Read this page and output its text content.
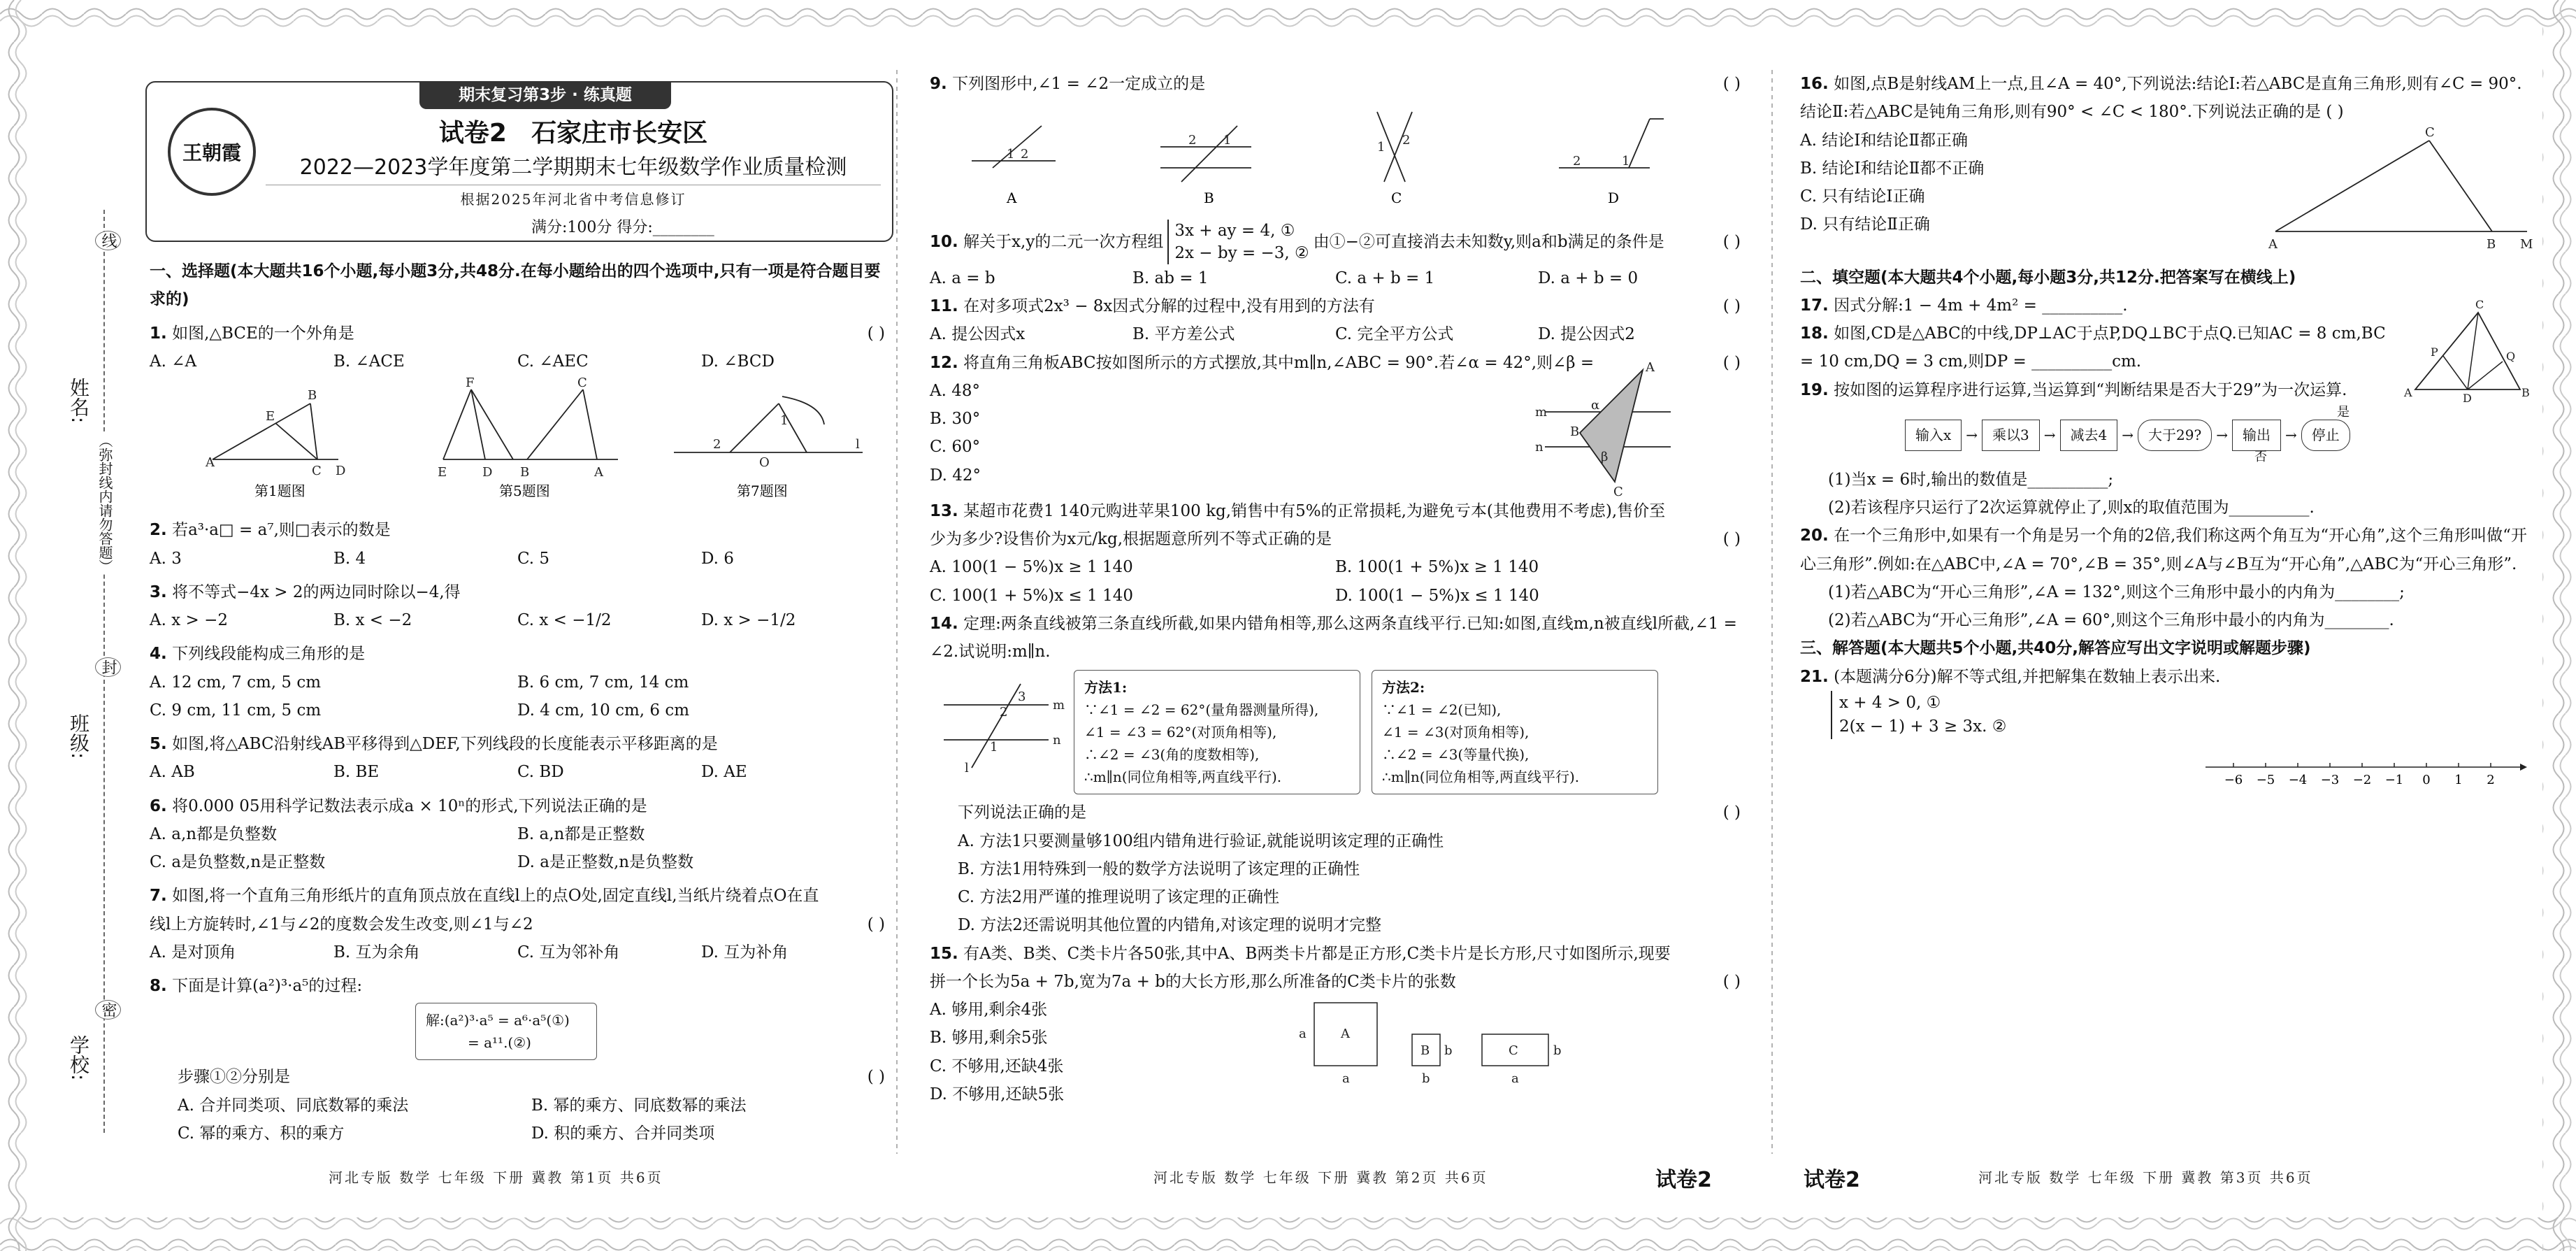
姓名:
班级:
学校:
（弥封线内请勿答题）
线
封
密
期末复习第3步 · 练真题
王朝霞
试卷2 石家庄市长安区
2022—2023学年度第二学期期末七年级数学作业质量检测
根据2025年河北省中考信息修订
满分:100分 得分:________

一、选择题(本大题共16个小题,每小题3分,共48分.在每小题给出的四个选项中,只有一项是符合题目要求的)

1. 如图,△BCE的一个外角是	( )
A. ∠A	B. ∠ACE	C. ∠AEC	D. ∠BCD
A
B
E
C D
F	C
E	D B	A
2
1
O
l
第1题图	第5题图	第7题图
2. 若a³·a□ = a⁷,则□表示的数是
A. 3	B. 4	C. 5	D. 6
3. 将不等式−4x > 2的两边同时除以−4,得
A. x > −2	B. x < −2	C. x < −1/2	D. x > −1/2
4. 下列线段能构成三角形的是
A. 12 cm, 7 cm, 5 cm	B. 6 cm, 7 cm, 14 cm
C. 9 cm, 11 cm, 5 cm	D. 4 cm, 10 cm, 6 cm
5. 如图,将△ABC沿射线AB平移得到△DEF,下列线段的长度能表示平移距离的是
A. AB	B. BE	C. BD	D. AE
6. 将0.000 05用科学记数法表示成a × 10ⁿ的形式,下列说法正确的是
A. a,n都是负整数	B. a,n都是正整数
C. a是负整数,n是正整数	D. a是正整数,n是负整数
7. 如图,将一个直角三角形纸片的直角顶点放在直线l上的点O处,固定直线l,当纸片绕着点O在直线l上方旋转时,∠1与∠2的度数会发生改变,则∠1与∠2	( )
A. 是对顶角	B. 互为余角	C. 互为邻补角	D. 互为补角
8. 下面是计算(a²)³·a⁵的过程:
解:(a²)³·a⁵ = a⁶·a⁵(①)
= a¹¹.(②)
步骤①②分别是	( )
A. 合并同类项、同底数幂的乘法	B. 幂的乘方、同底数幂的乘法
C. 幂的乘方、积的乘方	D. 积的乘方、合并同类项
河北专版 数学 七年级 下册 冀教 第1页 共6页
9. 下列图形中,∠1 = ∠2一定成立的是	( )
1 2
2 1	1 2
2	1
A	B	C	D
10.
解关于x,y的二元一次方程组
3x + ay = 4, ①
2x − by = −3, ②
由①−②可直接消去未知数y,则a和b满足的条件是	( )
A. a = b	B. ab = 1	C. a + b = 1	D. a + b = 0
11. 在对多项式2x³ − 8x因式分解的过程中,没有用到的方法有	( )
A. 提公因式x	B. 平方差公式	C. 完全平方公式	D. 提公因式2
12. 将直角三角板ABC按如图所示的方式摆放,其中m∥n,∠ABC = 90°.若∠α = 42°,则∠β =	( )
A. 48°
B. 30°
C. 60°
D. 42°
A
B
C
m
n
α
β
13. 某超市花费1 140元购进苹果100 kg,销售中有5%的正常损耗,为避免亏本(其他费用不考虑),售价至少为多少?设售价为x元/kg,根据题意所列不等式正确的是	( )
A. 100(1 − 5%)x ≥ 1 140	B. 100(1 + 5%)x ≥ 1 140
C. 100(1 + 5%)x ≤ 1 140	D. 100(1 − 5%)x ≤ 1 140
14. 定理:两条直线被第三条直线所截,如果内错角相等,那么这两条直线平行.已知:如图,直线m,n被直线l所截,∠1 = ∠2.试说明:m∥n.
3
2
1
m
n
l
方法1:
∵∠1 = ∠2 = 62°(量角器测量所得),
∠1 = ∠3 = 62°(对顶角相等),
∴∠2 = ∠3(角的度数相等),
∴m∥n(同位角相等,两直线平行).
方法2:
∵∠1 = ∠2(已知),
∠1 = ∠3(对顶角相等),
∴∠2 = ∠3(等量代换),
∴m∥n(同位角相等,两直线平行).
下列说法正确的是	( )
A. 方法1只要测量够100组内错角进行验证,就能说明该定理的正确性
B. 方法1用特殊到一般的数学方法说明了该定理的正确性
C. 方法2用严谨的推理说明了该定理的正确性
D. 方法2还需说明其他位置的内错角,对该定理的说明才完整
15. 有A类、B类、C类卡片各50张,其中A、B两类卡片都是正方形,C类卡片是长方形,尺寸如图所示,现要拼一个长为5a + 7b,宽为7a + b的大长方形,那么所准备的C类卡片的张数	( )
A. 够用,剩余4张
B. 够用,剩余5张
C. 不够用,还缺4张
D. 不够用,还缺5张
A
B	C
a
a
b
b
b
a
河北专版 数学 七年级 下册 冀教 第2页 共6页	试卷2
16. 如图,点B是射线AM上一点,且∠A = 40°,下列说法:结论Ⅰ:若△ABC是直角三角形,则有∠C = 90°.结论Ⅱ:若△ABC是钝角三角形,则有90° < ∠C < 180°.下列说法正确的是 ( )
A. 结论Ⅰ和结论Ⅱ都正确
B. 结论Ⅰ和结论Ⅱ都不正确
C. 只有结论Ⅰ正确
D. 只有结论Ⅱ正确
A	B M
C

二、填空题(本大题共4个小题,每小题3分,共12分.把答案写在横线上)

17. 因式分解:1 − 4m + 4m² = __________.
18. 如图,CD是△ABC的中线,DP⊥AC于点P,DQ⊥BC于点Q.已知AC = 8 cm,BC = 10 cm,DQ = 3 cm,则DP = __________cm.
C
A	B
D
P	Q
19. 按如图的运算程序进行运算,当运算到“判断结果是否大于29”为一次运算.
输入x	→	乘以3	→	减去4	→	大于29?	→	输出	→	停止
是
否
(1)当x = 6时,输出的数值是__________;
(2)若该程序只运行了2次运算就停止了,则x的取值范围为__________.
20. 在一个三角形中,如果有一个角是另一个角的2倍,我们称这两个角互为“开心角”,这个三角形叫做“开心三角形”.例如:在△ABC中,∠A = 70°,∠B = 35°,则∠A与∠B互为“开心角”,△ABC为“开心三角形”.
(1)若△ABC为“开心三角形”,∠A = 132°,则这个三角形中最小的内角为________;
(2)若△ABC为“开心三角形”,∠A = 60°,则这个三角形中最小的内角为________.

三、解答题(本大题共5个小题,共40分,解答应写出文字说明或解题步骤)

21. (本题满分6分)解不等式组,并把解集在数轴上表示出来.
x + 4 > 0, ①
2(x − 1) + 3 ≥ 3x. ②
−6 −5 −4 −3 −2 −1 0 1 2
试卷2	河北专版 数学 七年级 下册 冀教 第3页 共6页
